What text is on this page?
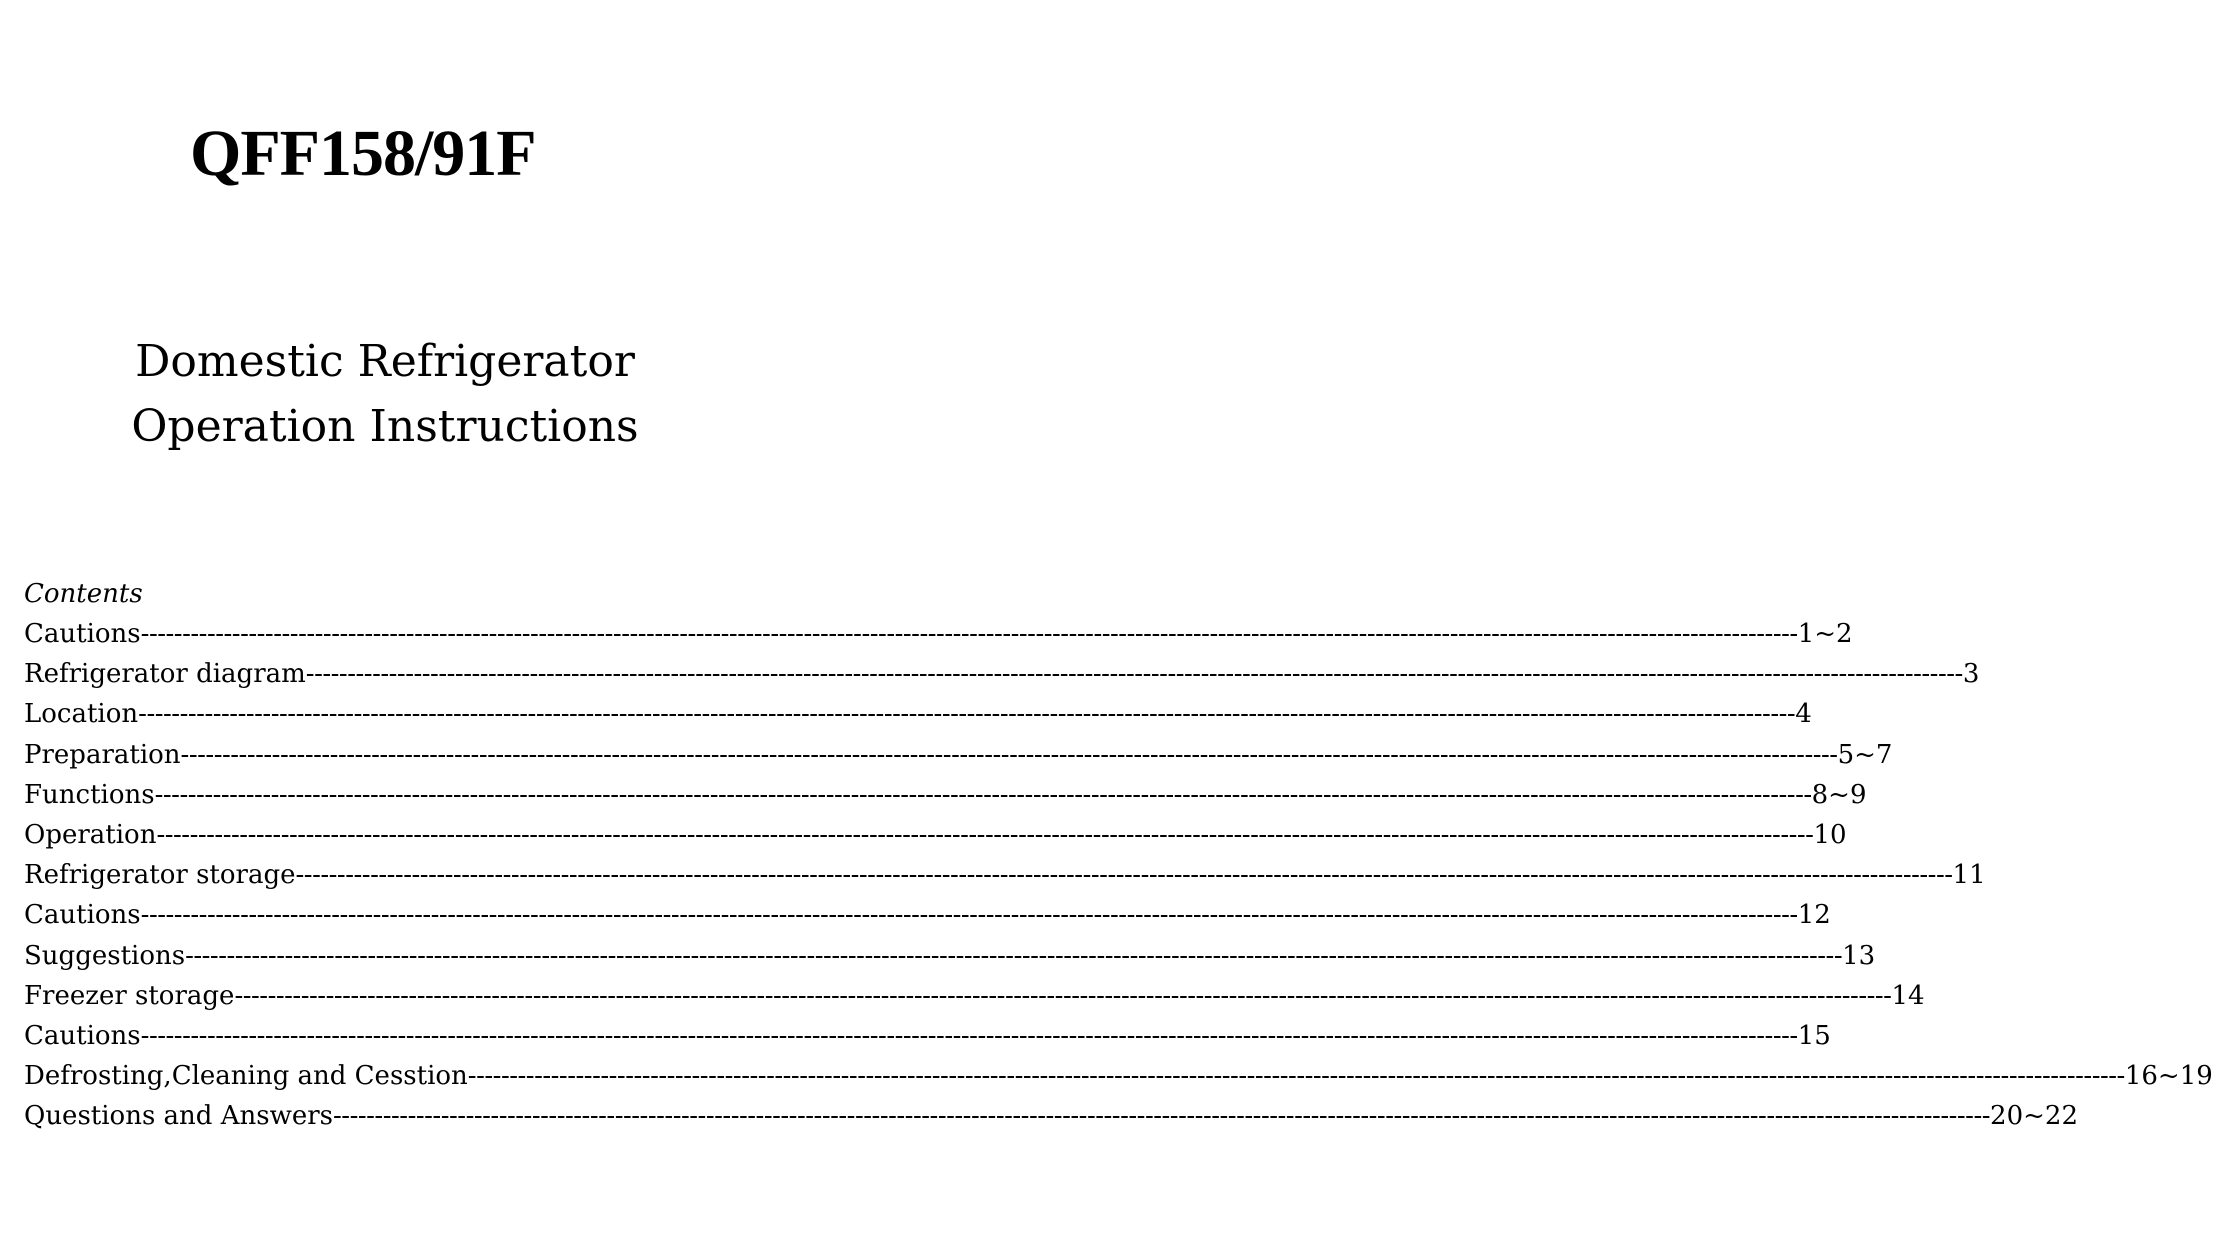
QFF158/91F
Domestic Refrigerator
Operation Instructions
Contents
Cautions -------------------------------------------------------------------------------------------------------------------------------------------------------------------------------------------------------- 1~2
Refrigerator diagram -------------------------------------------------------------------------------------------------------------------------------------------------------------------------------------------------------- 3
Location -------------------------------------------------------------------------------------------------------------------------------------------------------------------------------------------------------- 4
Preparation -------------------------------------------------------------------------------------------------------------------------------------------------------------------------------------------------------- 5~7
Functions -------------------------------------------------------------------------------------------------------------------------------------------------------------------------------------------------------- 8~9
Operation -------------------------------------------------------------------------------------------------------------------------------------------------------------------------------------------------------- 10
Refrigerator storage -------------------------------------------------------------------------------------------------------------------------------------------------------------------------------------------------------- 11
Cautions -------------------------------------------------------------------------------------------------------------------------------------------------------------------------------------------------------- 12
Suggestions -------------------------------------------------------------------------------------------------------------------------------------------------------------------------------------------------------- 13
Freezer storage -------------------------------------------------------------------------------------------------------------------------------------------------------------------------------------------------------- 14
Cautions -------------------------------------------------------------------------------------------------------------------------------------------------------------------------------------------------------- 15
Defrosting,Cleaning and Cesstion -------------------------------------------------------------------------------------------------------------------------------------------------------------------------------------------------------- 16~19
Questions and Answers -------------------------------------------------------------------------------------------------------------------------------------------------------------------------------------------------------- 20~22
